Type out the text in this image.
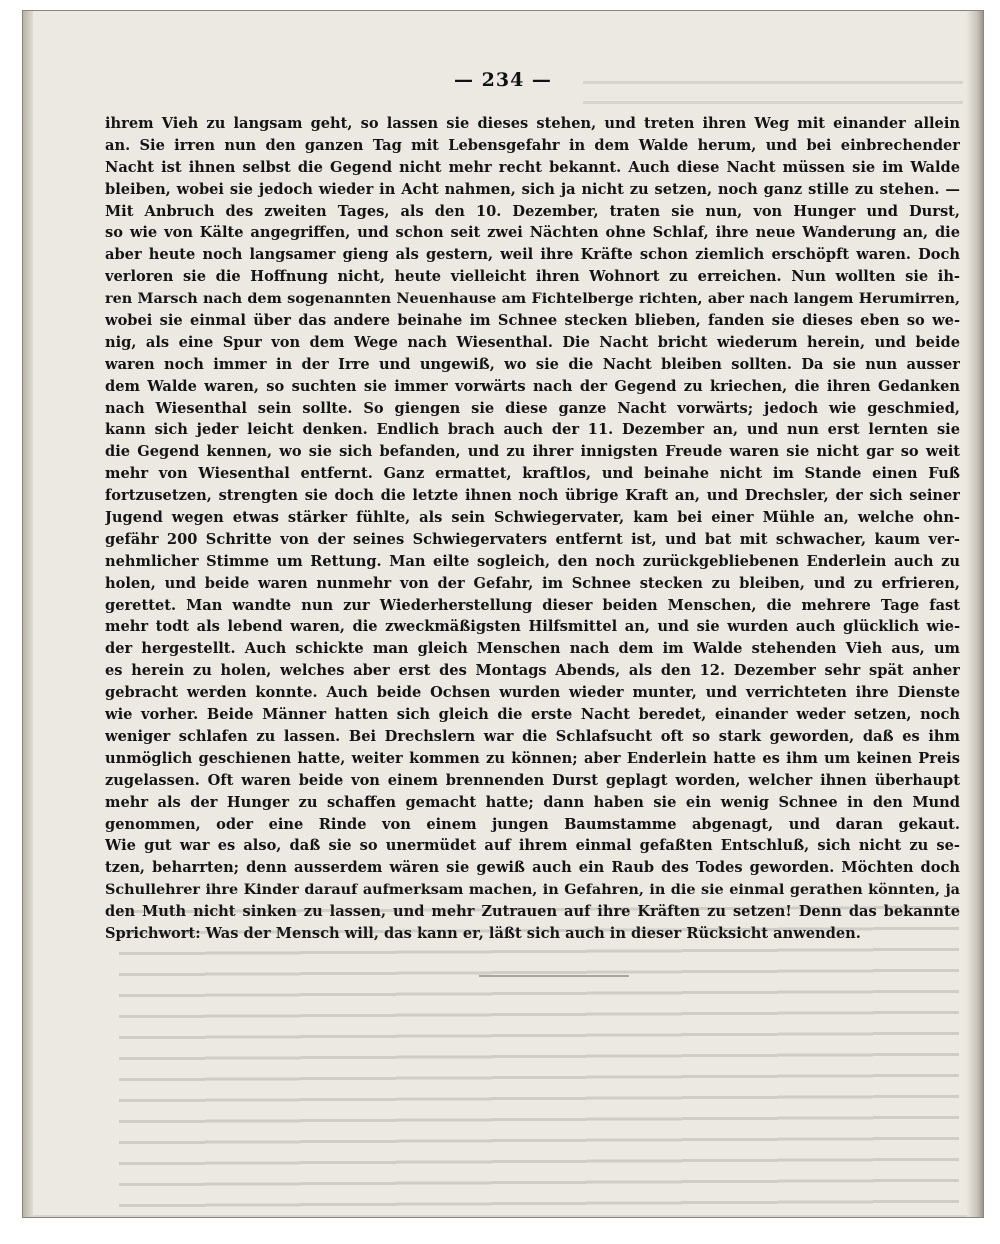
— 234 —
ihrem Vieh zu langsam geht, so lassen sie dieses stehen, und treten ihren Weg mit einander allein
an. Sie irren nun den ganzen Tag mit Lebensgefahr in dem Walde herum, und bei einbrechender
Nacht ist ihnen selbst die Gegend nicht mehr recht bekannt. Auch diese Nacht müssen sie im Walde
bleiben, wobei sie jedoch wieder in Acht nahmen, sich ja nicht zu setzen, noch ganz stille zu stehen. —
Mit Anbruch des zweiten Tages, als den 10. Dezember, traten sie nun, von Hunger und Durst,
so wie von Kälte angegriffen, und schon seit zwei Nächten ohne Schlaf, ihre neue Wanderung an, die
aber heute noch langsamer gieng als gestern, weil ihre Kräfte schon ziemlich erschöpft waren. Doch
verloren sie die Hoffnung nicht, heute vielleicht ihren Wohnort zu erreichen. Nun wollten sie ih-
ren Marsch nach dem sogenannten Neuenhause am Fichtelberge richten, aber nach langem Herumirren,
wobei sie einmal über das andere beinahe im Schnee stecken blieben, fanden sie dieses eben so we-
nig, als eine Spur von dem Wege nach Wiesenthal. Die Nacht bricht wiederum herein, und beide
waren noch immer in der Irre und ungewiß, wo sie die Nacht bleiben sollten. Da sie nun ausser
dem Walde waren, so suchten sie immer vorwärts nach der Gegend zu kriechen, die ihren Gedanken
nach Wiesenthal sein sollte. So giengen sie diese ganze Nacht vorwärts; jedoch wie geschmied,
kann sich jeder leicht denken. Endlich brach auch der 11. Dezember an, und nun erst lernten sie
die Gegend kennen, wo sie sich befanden, und zu ihrer innigsten Freude waren sie nicht gar so weit
mehr von Wiesenthal entfernt. Ganz ermattet, kraftlos, und beinahe nicht im Stande einen Fuß
fortzusetzen, strengten sie doch die letzte ihnen noch übrige Kraft an, und Drechsler, der sich seiner
Jugend wegen etwas stärker fühlte, als sein Schwiegervater, kam bei einer Mühle an, welche ohn-
gefähr 200 Schritte von der seines Schwiegervaters entfernt ist, und bat mit schwacher, kaum ver-
nehmlicher Stimme um Rettung. Man eilte sogleich, den noch zurückgebliebenen Enderlein auch zu
holen, und beide waren nunmehr von der Gefahr, im Schnee stecken zu bleiben, und zu erfrieren,
gerettet. Man wandte nun zur Wiederherstellung dieser beiden Menschen, die mehrere Tage fast
mehr todt als lebend waren, die zweckmäßigsten Hilfsmittel an, und sie wurden auch glücklich wie-
der hergestellt. Auch schickte man gleich Menschen nach dem im Walde stehenden Vieh aus, um
es herein zu holen, welches aber erst des Montags Abends, als den 12. Dezember sehr spät anher
gebracht werden konnte. Auch beide Ochsen wurden wieder munter, und verrichteten ihre Dienste
wie vorher. Beide Männer hatten sich gleich die erste Nacht beredet, einander weder setzen, noch
weniger schlafen zu lassen. Bei Drechslern war die Schlafsucht oft so stark geworden, daß es ihm
unmöglich geschienen hatte, weiter kommen zu können; aber Enderlein hatte es ihm um keinen Preis
zugelassen. Oft waren beide von einem brennenden Durst geplagt worden, welcher ihnen überhaupt
mehr als der Hunger zu schaffen gemacht hatte; dann haben sie ein wenig Schnee in den Mund
genommen, oder eine Rinde von einem jungen Baumstamme abgenagt, und daran gekaut.
Wie gut war es also, daß sie so unermüdet auf ihrem einmal gefaßten Entschluß, sich nicht zu se-
tzen, beharrten; denn ausserdem wären sie gewiß auch ein Raub des Todes geworden. Möchten doch
Schullehrer ihre Kinder darauf aufmerksam machen, in Gefahren, in die sie einmal gerathen könnten, ja
den Muth nicht sinken zu lassen, und mehr Zutrauen auf ihre Kräften zu setzen! Denn das bekannte
Sprichwort: Was der Mensch will, das kann er, läßt sich auch in dieser Rücksicht anwenden.
